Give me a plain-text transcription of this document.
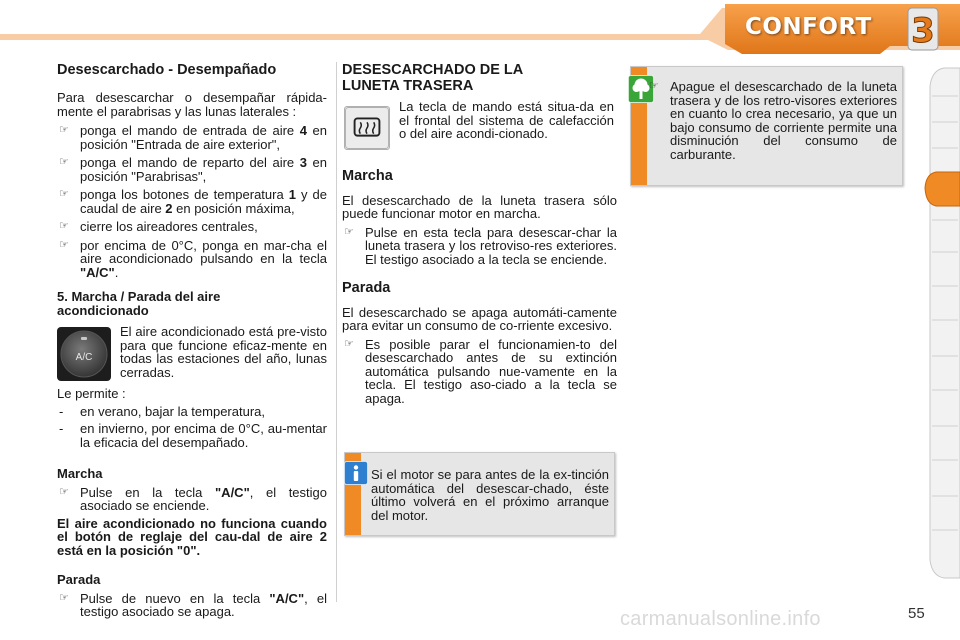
3
CONFORT
Desescarchado - Desempañado

Para desescarchar o desempañar rápida-mente el parabrisas y las lunas laterales :

☞ ponga el mando de entrada de aire 4 en posición "Entrada de aire exterior",
☞ ponga el mando de reparto del aire 3 en posición "Parabrisas",
☞ ponga los botones de temperatura 1 y de caudal de aire 2 en posición máxima,
☞ cierre los aireadores centrales,
☞ por encima de 0°C, ponga en mar-cha el aire acondicionado pulsando en la tecla "A/C".
5. Marcha / Parada del aire acondicionado
A/C

El aire acondicionado está pre-visto para que funcione eficaz-mente en todas las estaciones del año, lunas cerradas.

Le permite :

- en verano, bajar la temperatura,
- en invierno, por encima de 0°C, au-mentar la eficacia del desempañado.
Marcha
☞ Pulse en la tecla "A/C", el testigo asociado se enciende.

El aire acondicionado no funciona cuando el botón de reglaje del cau-dal de aire 2 está en la posición "0".

Parada
☞ Pulse de nuevo en la tecla "A/C", el testigo asociado se apaga.
DESESCARCHADO DE LA LUNETA TRASERA

La tecla de mando está situa-da en el frontal del sistema de calefacción o del aire acondi-cionado.

Marcha

El desescarchado de la luneta trasera sólo puede funcionar motor en marcha.

☞ Pulse en esta tecla para desescar-char la luneta trasera y los retroviso-res exteriores. El testigo asociado a la tecla se enciende.
Parada

El desescarchado se apaga automáti-camente para evitar un consumo de co-rriente excesivo.

☞ Es posible parar el funcionamien-to del desescarchado antes de su extinción automática pulsando nue-vamente en la tecla. El testigo aso-ciado a la tecla se apaga.
Si el motor se para antes de la ex-tinción automática del desescar-chado, éste último volverá en el próximo arranque del motor.
☞ Apague el desescarchado de la luneta trasera y de los retro-visores exteriores en cuanto lo crea necesario, ya que un bajo consumo de corriente permite una disminución del consumo de carburante.
carmanualsonline.info	55
